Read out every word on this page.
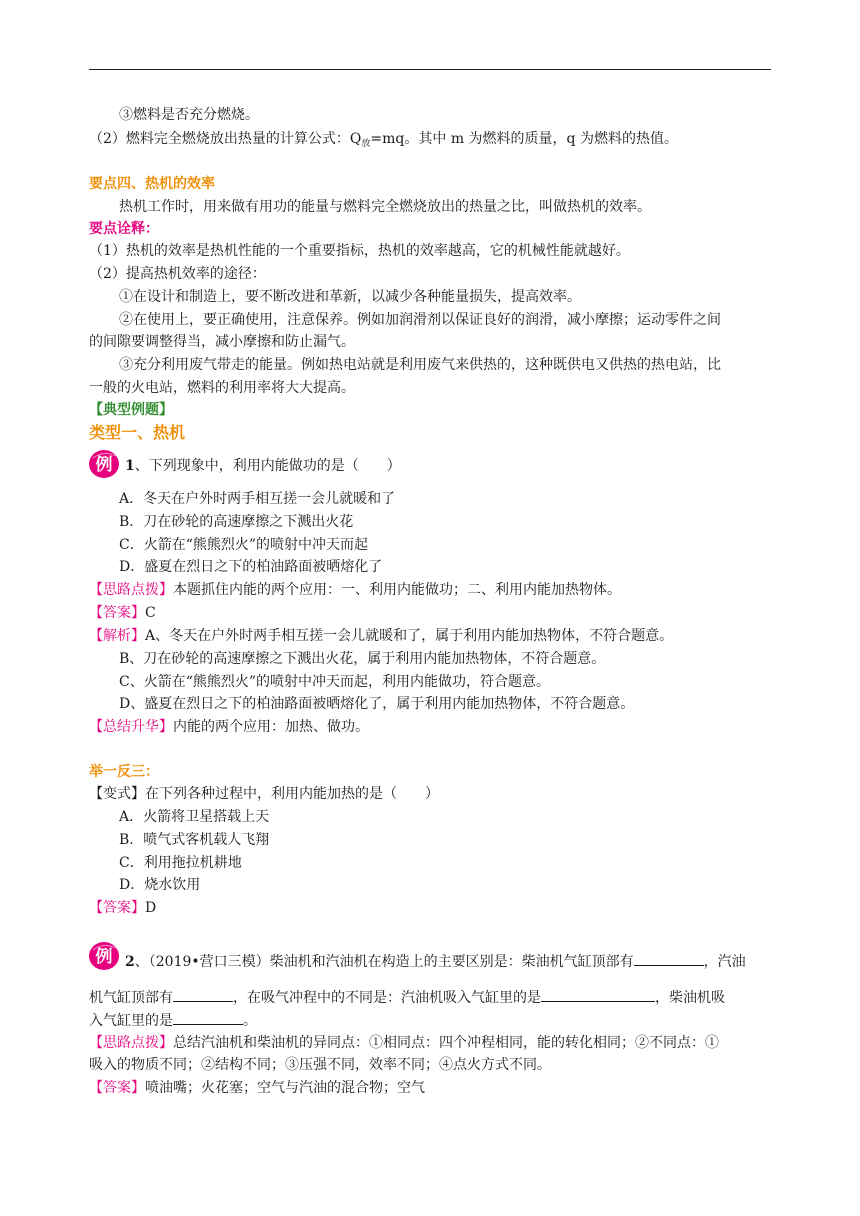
③燃料是否充分燃烧。
（2）燃料完全燃烧放出热量的计算公式：$Q_放=mq$。其中 m 为燃料的质量，q 为燃料的热值。
要点四、热机的效率
热机工作时，用来做有用功的能量与燃料完全燃烧放出的热量之比，叫做热机的效率。
要点诠释：
（1）热机的效率是热机性能的一个重要指标，热机的效率越高，它的机械性能就越好。
（2）提高热机效率的途径：
①在设计和制造上，要不断改进和革新，以减少各种能量损失，提高效率。
②在使用上，要正确使用，注意保养。例如加润滑剂以保证良好的润滑，减小摩擦；运动零件之间
的间隙要调整得当，减小摩擦和防止漏气。
③充分利用废气带走的能量。例如热电站就是利用废气来供热的，这种既供电又供热的热电站，比
一般的火电站，燃料的利用率将大大提高。
【典型例题】
类型一、热机
例 1、下列现象中，利用内能做功的是（　　）
A．冬天在户外时两手相互搓一会儿就暖和了
B．刀在砂轮的高速摩擦之下溅出火花
C．火箭在“熊熊烈火”的喷射中冲天而起
D．盛夏在烈日之下的柏油路面被晒熔化了
【思路点拨】本题抓住内能的两个应用：一、利用内能做功；二、利用内能加热物体。
【答案】C
【解析】A、冬天在户外时两手相互搓一会儿就暖和了，属于利用内能加热物体，不符合题意。
B、刀在砂轮的高速摩擦之下溅出火花，属于利用内能加热物体，不符合题意。
C、火箭在“熊熊烈火”的喷射中冲天而起，利用内能做功，符合题意。
D、盛夏在烈日之下的柏油路面被晒熔化了，属于利用内能加热物体，不符合题意。
【总结升华】内能的两个应用：加热、做功。
举一反三：
【变式】在下列各种过程中，利用内能加热的是（　　）
A．火箭将卫星搭载上天
B．喷气式客机载人飞翔
C．利用拖拉机耕地
D．烧水饮用
【答案】D
例 2、（2019•营口三模）柴油机和汽油机在构造上的主要区别是：柴油机气缸顶部有	，汽油
机气缸顶部有	，在吸气冲程中的不同是：汽油机吸入气缸里的是	，柴油机吸
入气缸里的是	。
【思路点拨】总结汽油机和柴油机的异同点：①相同点：四个冲程相同，能的转化相同；②不同点：①
吸入的物质不同；②结构不同；③压强不同，效率不同；④点火方式不同。
【答案】喷油嘴；火花塞；空气与汽油的混合物；空气
